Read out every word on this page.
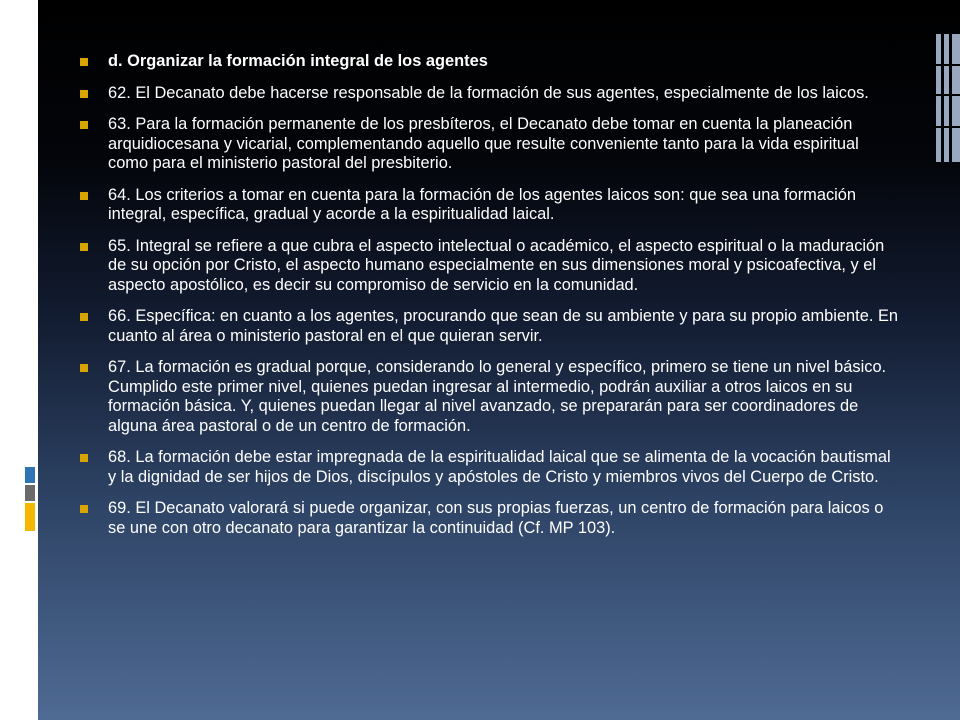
d. Organizar la formación integral de los agentes
62. El Decanato debe hacerse responsable de la formación de sus agentes, especialmente de los laicos.
63. Para la formación permanente de los presbíteros, el Decanato debe tomar en cuenta la planeación arquidiocesana y vicarial, complementando aquello que resulte conveniente tanto para la vida espiritual como para el ministerio pastoral del presbiterio.
64. Los criterios a tomar en cuenta para la formación de los agentes laicos son: que sea una formación integral, específica, gradual y acorde a la espiritualidad laical.
65. Integral se refiere a que cubra el aspecto intelectual o académico, el aspecto espiritual o la maduración de su opción por Cristo, el aspecto humano especialmente en sus dimensiones moral y psicoafectiva, y el aspecto apostólico, es decir su compromiso de servicio en la comunidad.
66. Específica: en cuanto a los agentes, procurando que sean de su ambiente y para su propio ambiente. En cuanto al área o ministerio pastoral en el que quieran servir.
67. La formación es gradual porque, considerando lo general y específico, primero se tiene un nivel básico. Cumplido este primer nivel, quienes puedan ingresar al intermedio, podrán auxiliar a otros laicos en su formación básica. Y, quienes puedan llegar al nivel avanzado, se prepararán para ser coordinadores de alguna área pastoral o de un centro de formación.
68. La formación debe estar impregnada de la espiritualidad laical que se alimenta de la vocación bautismal y la dignidad de ser hijos de Dios, discípulos y apóstoles de Cristo y miembros vivos del Cuerpo de Cristo.
69. El Decanato valorará si puede organizar, con sus propias fuerzas, un centro de formación para laicos o se une con otro decanato para garantizar la continuidad (Cf. MP 103).
